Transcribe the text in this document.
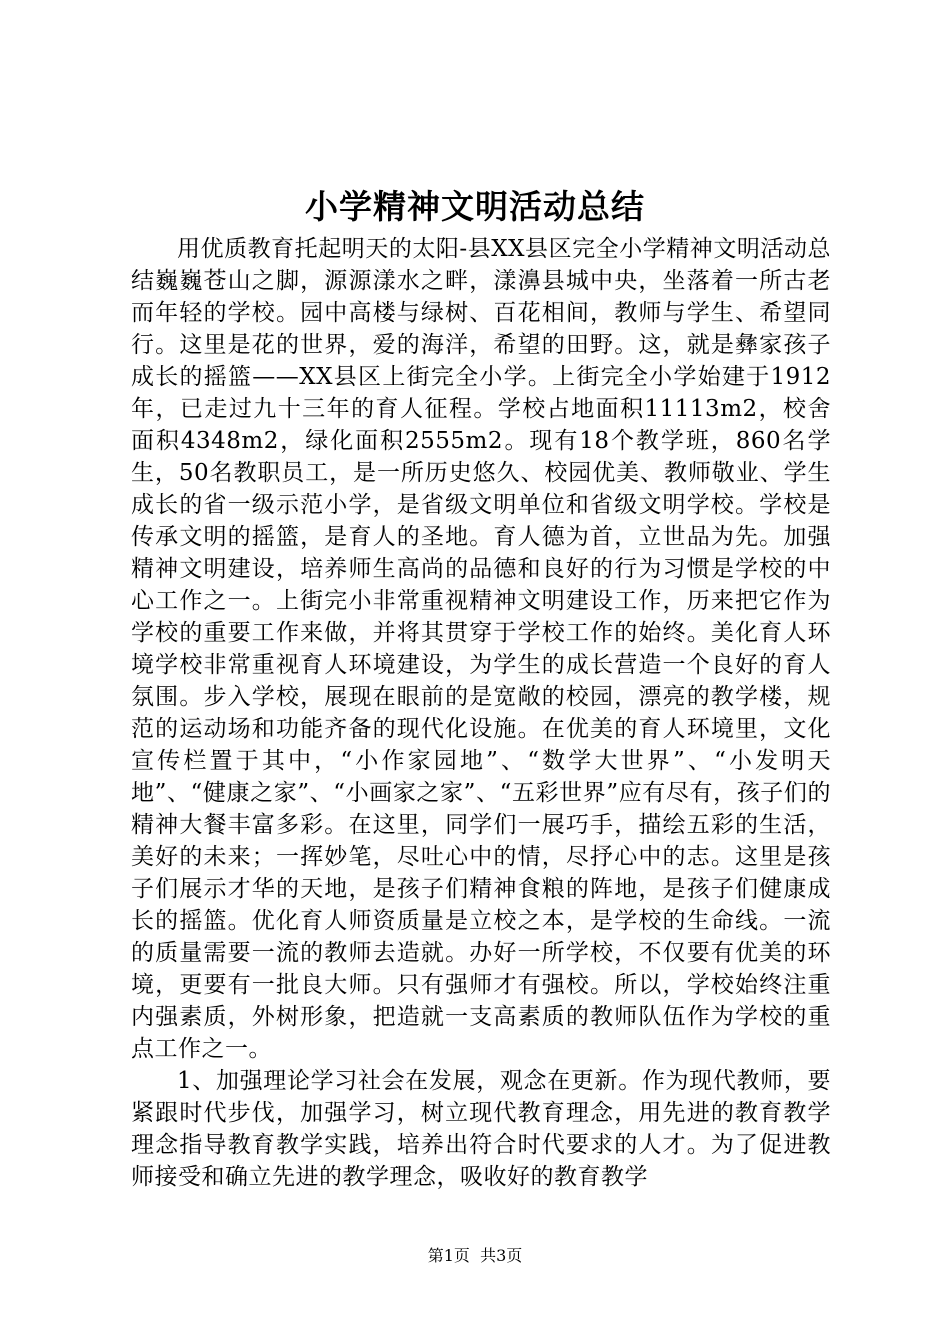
小学精神文明活动总结

用优质教育托起明天的太阳-县XX县区完全小学精神文明活动总结巍巍苍山之脚，源源漾水之畔，漾濞县城中央，坐落着一所古老而年轻的学校。园中高楼与绿树、百花相间，教师与学生、希望同行。这里是花的世界，爱的海洋，希望的田野。这，就是彝家孩子成长的摇篮——XX县区上街完全小学。上街完全小学始建于1912年，已走过九十三年的育人征程。学校占地面积11113m2，校舍面积4348m2，绿化面积2555m2。现有18个教学班，860名学生，50名教职员工，是一所历史悠久、校园优美、教师敬业、学生成长的省一级示范小学，是省级文明单位和省级文明学校。学校是传承文明的摇篮，是育人的圣地。育人德为首，立世品为先。加强精神文明建设，培养师生高尚的品德和良好的行为习惯是学校的中心工作之一。上街完小非常重视精神文明建设工作，历来把它作为学校的重要工作来做，并将其贯穿于学校工作的始终。美化育人环境学校非常重视育人环境建设，为学生的成长营造一个良好的育人氛围。步入学校，展现在眼前的是宽敞的校园，漂亮的教学楼，规范的运动场和功能齐备的现代化设施。在优美的育人环境里，文化宣传栏置于其中，“小作家园地”、“数学大世界”、“小发明天地”、“健康之家”、“小画家之家”、“五彩世界”应有尽有，孩子们的精神大餐丰富多彩。在这里，同学们一展巧手，描绘五彩的生活，美好的未来；一挥妙笔，尽吐心中的情，尽抒心中的志。这里是孩子们展示才华的天地，是孩子们精神食粮的阵地，是孩子们健康成长的摇篮。优化育人师资质量是立校之本，是学校的生命线。一流的质量需要一流的教师去造就。办好一所学校，不仅要有优美的环境，更要有一批良大师。只有强师才有强校。所以，学校始终注重内强素质，外树形象，把造就一支高素质的教师队伍作为学校的重点工作之一。

1、加强理论学习社会在发展，观念在更新。作为现代教师，要紧跟时代步伐，加强学习，树立现代教育理念，用先进的教育教学理念指导教育教学实践，培养出符合时代要求的人才。为了促进教师接受和确立先进的教学理念，吸收好的教育教学

第1页 共3页
